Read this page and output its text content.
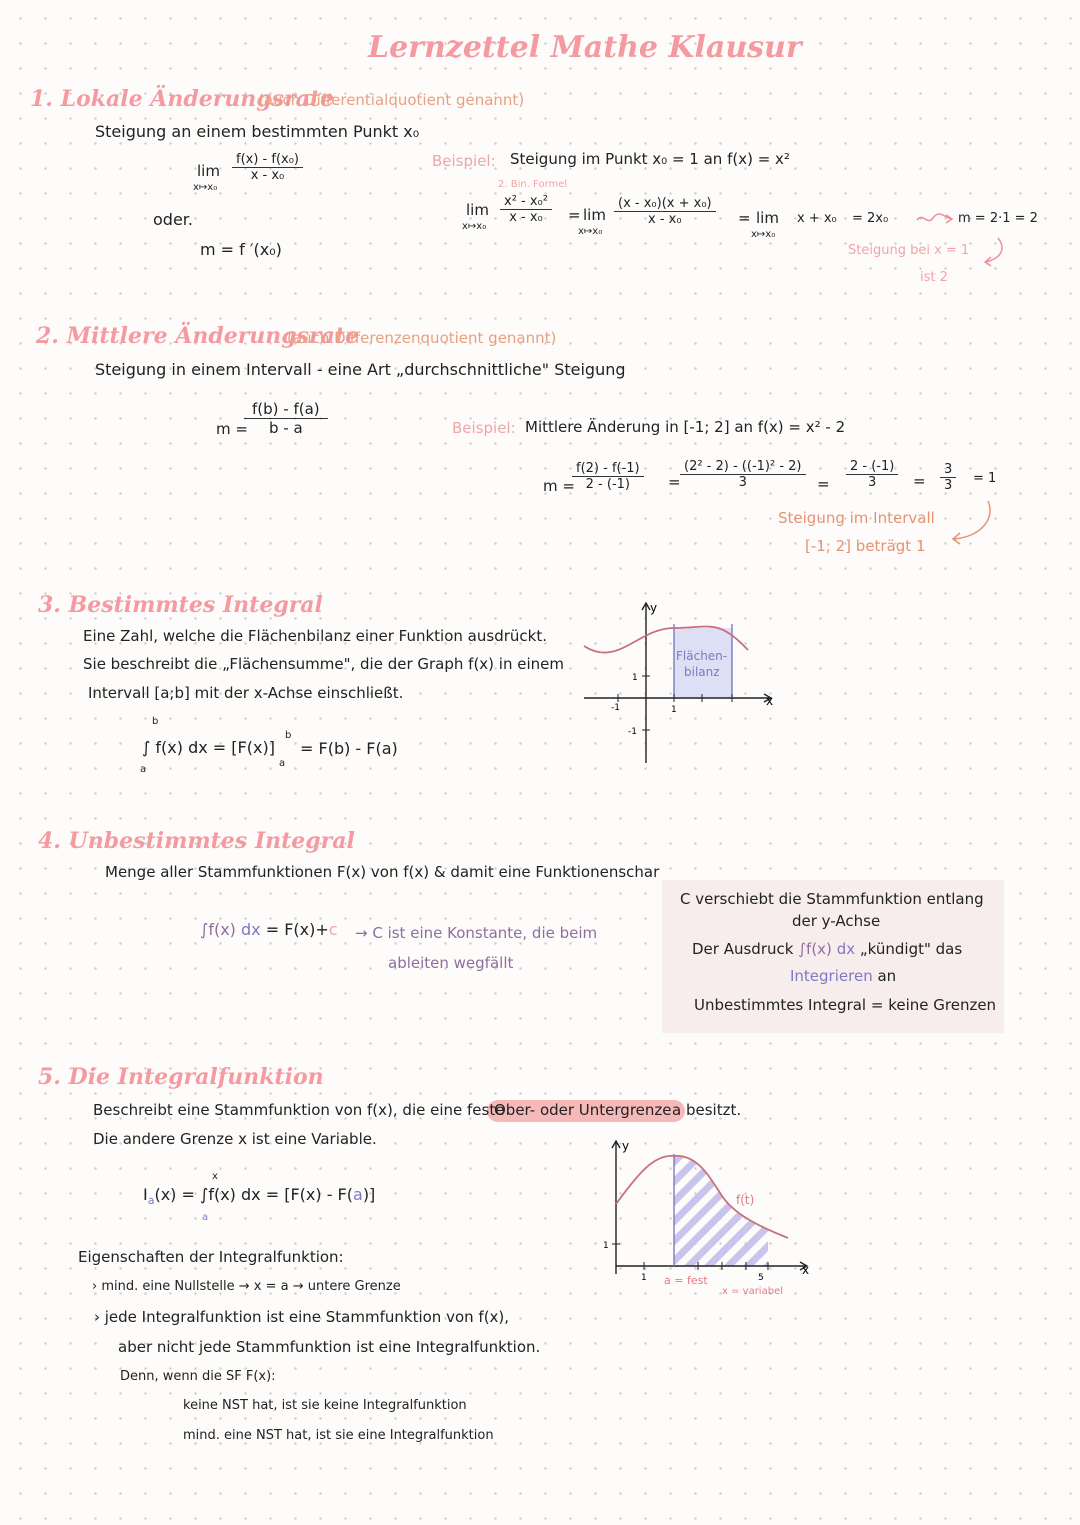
Lernzettel Mathe Klausur
1. Lokale Änderungsrate
(auch Differentialquotient genannt)
Steigung an einem bestimmten Punkt x₀
lim
x↦x₀
$\frac{\text{f(x) - f(x₀)}}{\text{x - x₀}}$
oder.
m = f ′(x₀)
Beispiel: Steigung im Punkt x₀ = 1 an f(x) = x²
2. Bin. Formel
lim
x↦x₀
$\frac{\text{x² - x₀²}}{\text{x - x₀}} = \lim$
x↦x₀
$\frac{\text{(x - x₀)(x + x₀)}}{\text{x - x₀}} = \lim$
x↦x₀
x + x₀ = 2x₀	m = 2·1 = 2
Steigung bei x = 1
ist 2
2. Mittlere Änderungsrate
(auch Differenzenquotient genannt)
Steigung in einem Intervall - eine Art „durchschnittliche" Steigung
m =
$\frac{f(b) - f(a)}{b - a}$	Beispiel: Mittlere Änderung in [-1; 2] an f(x) = x² - 2
m =
$\frac{f(2) - f(-1)}{2 - (-1)} = \frac{\text{(2² - 2) - ((-1)² - 2)}}{3} = \frac{2 - (-1)}{3} = \frac{3}{3} = 1$
Steigung im Intervall
[-1; 2] beträgt 1
3. Bestimmtes Integral
Eine Zahl, welche die Flächenbilanz einer Funktion ausdrückt.
Sie beschreibt die „Flächensumme", die der Graph f(x) in einem
Intervall [a;b] mit der x-Achse einschließt.
∫ f(x) dx = [F(x)]
b
a
b
a
= F(b) - F(a)
y
x
Flächen-
bilanz
1
-1
1
-1
4. Unbestimmtes Integral
Menge aller Stammfunktionen F(x) von f(x) & damit eine Funktionenschar
∫f(x) dx = F(x)+c → C ist eine Konstante, die beim
ableiten wegfällt
C verschiebt die Stammfunktion entlang
der y-Achse
Der Ausdruck ∫f(x) dx „kündigt" das
Integrieren an
Unbestimmtes Integral = keine Grenzen
5. Die Integralfunktion
Beschreibt eine Stammfunktion von f(x), die eine feste
Ober- oder Untergrenze a besitzt.
Die andere Grenze x ist eine Variable.
$I_a(x) = \int f(x)$ dx = [F(x) - F(a)]
x
a
Eigenschaften der Integralfunktion:
› mind. eine Nullstelle → x = a → untere Grenze
› jede Integralfunktion ist eine Stammfunktion von f(x),
aber nicht jede Stammfunktion ist eine Integralfunktion.
Denn, wenn die SF F(x):
keine NST hat, ist sie keine Integralfunktion
mind. eine NST hat, ist sie eine Integralfunktion
y
x
f(t)
1
1	5
a = fest
x = variabel
